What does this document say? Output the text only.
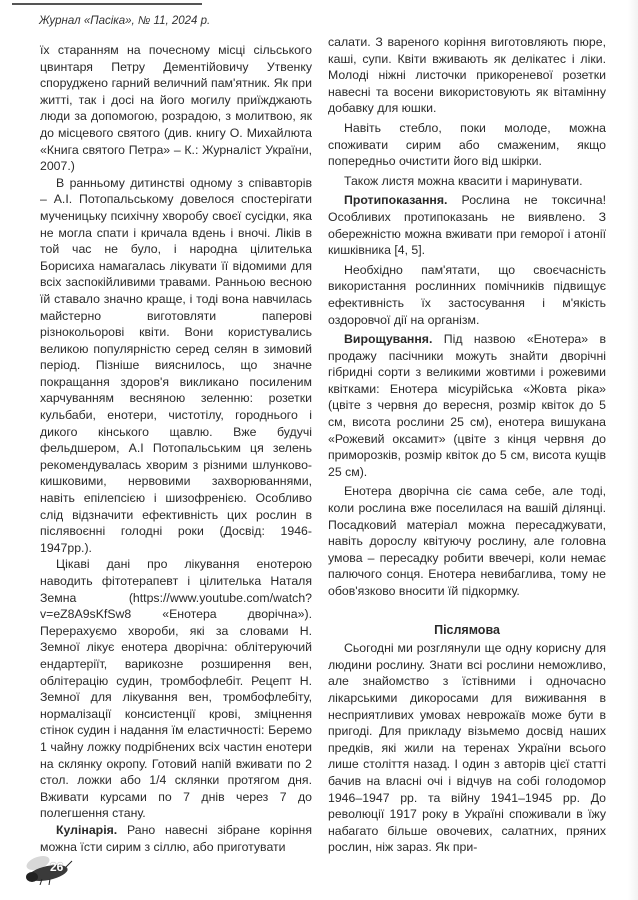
Журнал «Пасіка», № 11, 2024 р.

їх старанням на почесному місці сільського цвинтаря Петру Дементійовичу Утвенку споруджено гарний величний пам'ятник. Як при житті, так і досі на його могилу приїжджають люди за допомогою, розрадою, з молитвою, як до місцевого святого (див. книгу О. Михайлюта «Книга святого Петра» – К.: Журналіст України, 2007.)

В ранньому дитинстві одному з співавторів – А.І. Потопальському довелося спостерігати мученицьку психічну хворобу своєї сусідки, яка не могла спати і кричала вдень і вночі. Ліків в той час не було, і народна цілителька Борисиха намагалась лікувати її відомими для всіх заспокійливими травами. Ранньою весною їй ставало значно краще, і тоді вона навчилась майстерно виготовляти паперові різнокольорові квіти. Вони користувались великою популярністю серед селян в зимовий період. Пізніше вияснилось, що значне покращання здоров'я викликано посиленим харчуванням весняною зеленню: розетки кульбаби, енотери, чистотілу, городнього і дикого кінського щавлю. Вже будучі фельдшером, А.І Потопальським ця зелень рекомендувалась хворим з різними шлунково-кишковими, нервовими захворюваннями, навіть епілепсією і шизофренією. Особливо слід відзначити ефективність цих рослин в післявоєнні голодні роки (Досвід: 1946-1947рр.).

Цікаві дані про лікування енотерою наводить фітотерапевт і цілителька Наталя Земна (https://www.youtube.com/watch?v=eZ8A9sKfSw8 «Енотера дворічна»). Перерахуємо хвороби, які за словами Н. Земної лікує енотера дворічна: облітеруючий ендартеріїт, варикозне розширення вен, облітерацію судин, тромбофлебіт. Рецепт Н. Земної для лікування вен, тромбофлебіту, нормалізації консистенції крові, зміцнення стінок судин і надання їм еластичності: Беремо 1 чайну ложку подрібнених всіх частин енотери на склянку окропу. Готовий напій вживати по 2 стол. ложки або 1/4 склянки протягом дня. Вживати курсами по 7 днів через 7 до полегшення стану.

Кулінарія. Рано навесні зібране коріння можна їсти сирим з сіллю, або приготувати

салати. З вареного коріння виготовляють пюре, каші, супи. Квіти вживають як делікатес і ліки. Молоді ніжні листочки прикореневої розетки навесні та восени використовують як вітамінну добавку для юшки.

Навіть стебло, поки молоде, можна споживати сирим або смаженим, якщо попередньо очистити його від шкірки.

Також листя можна квасити і маринувати.

Протипоказання. Рослина не токсична! Особливих протипоказань не виявлено. З обережністю можна вживати при геморої і атонії кишківника [4, 5].

Необхідно пам'ятати, що своєчасність використання рослинних помічників підвищує ефективність їх застосування і м'якість оздоровчої дії на організм.

Вирощування. Під назвою «Енотера» в продажу пасічники можуть знайти дворічні гібридні сорти з великими жовтими і рожевими квітками: Енотера місурійська «Жовта ріка» (цвіте з червня до вересня, розмір квіток до 5 см, висота рослини 25 см), енотера вишукана «Рожевий оксамит» (цвіте з кінця червня до приморозків, розмір квіток до 5 см, висота кущів 25 см).

Енотера дворічна сіє сама себе, але тоді, коли рослина вже поселилася на вашій ділянці. Посадковий матеріал можна пересаджувати, навіть дорослу квітуючу рослину, але головна умова – пересадку робити ввечері, коли немає палючого сонця. Енотера невибаглива, тому не обов'язково вносити їй підкормку.

Післямова

Сьогодні ми розглянули ще одну корисну для людини рослину. Знати всі рослини неможливо, але знайомство з їстівними і одночасно лікарськими дикоросами для виживання в несприятливих умовах неврожаїв може бути в пригоді. Для прикладу візьмемо досвід наших предків, які жили на теренах України всього лише століття назад. І один з авторів цієї статті бачив на власні очі і відчув на собі голодомор 1946–1947 рр. та війну 1941–1945 рр. До революції 1917 року в Україні споживали в їжу набагато більше овочевих, салатних, пряних рослин, ніж зараз. Як при-

26
